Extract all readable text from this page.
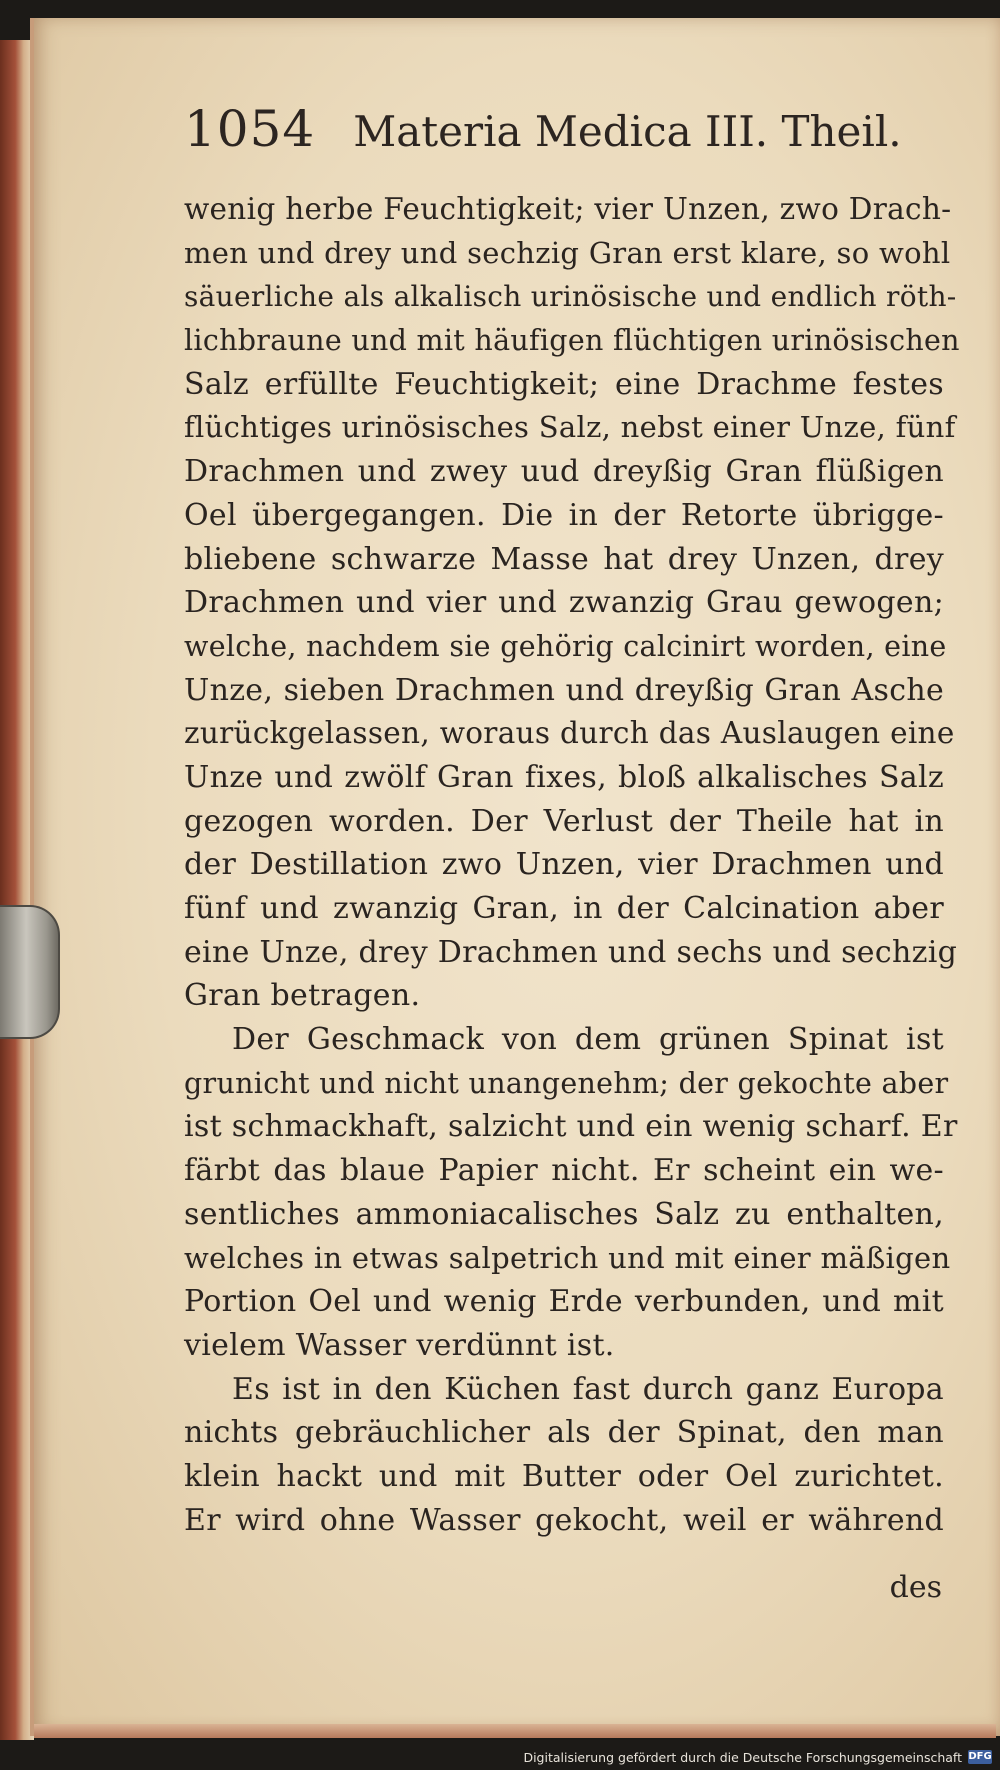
1054 Materia Medica III. Theil.
wenig herbe Feuchtigkeit; vier Unzen, zwo Drach-
men und drey und sechzig Gran erst klare, so wohl
säuerliche als alkalisch urinösische und endlich röth-
lichbraune und mit häufigen flüchtigen urinösischen
Salz erfüllte Feuchtigkeit; eine Drachme festes
flüchtiges urinösisches Salz, nebst einer Unze, fünf
Drachmen und zwey uud dreyßig Gran flüßigen
Oel übergegangen. Die in der Retorte übrigge-
bliebene schwarze Masse hat drey Unzen, drey
Drachmen und vier und zwanzig Grau gewogen;
welche, nachdem sie gehörig calcinirt worden, eine
Unze, sieben Drachmen und dreyßig Gran Asche
zurückgelassen, woraus durch das Auslaugen eine
Unze und zwölf Gran fixes, bloß alkalisches Salz
gezogen worden. Der Verlust der Theile hat in
der Destillation zwo Unzen, vier Drachmen und
fünf und zwanzig Gran, in der Calcination aber
eine Unze, drey Drachmen und sechs und sechzig
Gran betragen.
Der Geschmack von dem grünen Spinat ist
grunicht und nicht unangenehm; der gekochte aber
ist schmackhaft, salzicht und ein wenig scharf. Er
färbt das blaue Papier nicht. Er scheint ein we-
sentliches ammoniacalisches Salz zu enthalten,
welches in etwas salpetrich und mit einer mäßigen
Portion Oel und wenig Erde verbunden, und mit
vielem Wasser verdünnt ist.
Es ist in den Küchen fast durch ganz Europa
nichts gebräuchlicher als der Spinat, den man
klein hackt und mit Butter oder Oel zurichtet.
Er wird ohne Wasser gekocht, weil er während
des
Digitalisierung gefördert durch die Deutsche Forschungsgemeinschaft DFG
